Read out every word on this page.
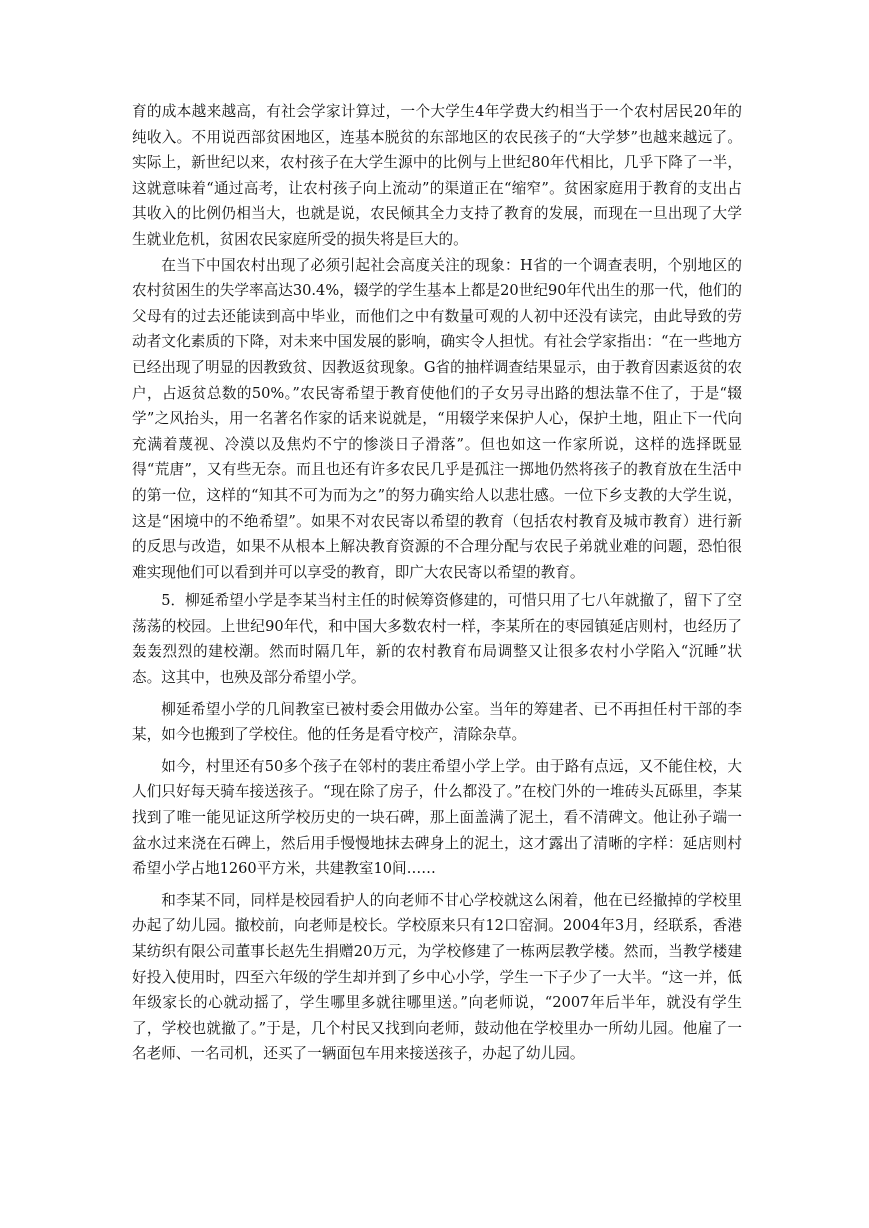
育的成本越来越高，有社会学家计算过，一个大学生4年学费大约相当于一个农村居民20年的纯收入。不用说西部贫困地区，连基本脱贫的东部地区的农民孩子的“大学梦”也越来越远了。实际上，新世纪以来，农村孩子在大学生源中的比例与上世纪80年代相比，几乎下降了一半，这就意味着“通过高考，让农村孩子向上流动”的渠道正在“缩窄”。贫困家庭用于教育的支出占其收入的比例仍相当大，也就是说，农民倾其全力支持了教育的发展，而现在一旦出现了大学生就业危机，贫困农民家庭所受的损失将是巨大的。

在当下中国农村出现了必须引起社会高度关注的现象：H省的一个调查表明，个别地区的农村贫困生的失学率高达30.4%，辍学的学生基本上都是20世纪90年代出生的那一代，他们的父母有的过去还能读到高中毕业，而他们之中有数量可观的人初中还没有读完，由此导致的劳动者文化素质的下降，对未来中国发展的影响，确实令人担忧。有社会学家指出：“在一些地方已经出现了明显的因教致贫、因教返贫现象。G省的抽样调查结果显示，由于教育因素返贫的农户，占返贫总数的50%。”农民寄希望于教育使他们的子女另寻出路的想法靠不住了，于是“辍学”之风抬头，用一名著名作家的话来说就是，“用辍学来保护人心，保护土地，阻止下一代向充满着蔑视、冷漠以及焦灼不宁的惨淡日子滑落”。但也如这一作家所说，这样的选择既显得“荒唐”，又有些无奈。而且也还有许多农民几乎是孤注一掷地仍然将孩子的教育放在生活中的第一位，这样的“知其不可为而为之”的努力确实给人以悲壮感。一位下乡支教的大学生说，这是“困境中的不绝希望”。如果不对农民寄以希望的教育（包括农村教育及城市教育）进行新的反思与改造，如果不从根本上解决教育资源的不合理分配与农民子弟就业难的问题，恐怕很难实现他们可以看到并可以享受的教育，即广大农民寄以希望的教育。

5．柳延希望小学是李某当村主任的时候筹资修建的，可惜只用了七八年就撤了，留下了空荡荡的校园。上世纪90年代，和中国大多数农村一样，李某所在的枣园镇延店则村，也经历了轰轰烈烈的建校潮。然而时隔几年，新的农村教育布局调整又让很多农村小学陷入“沉睡”状态。这其中，也殃及部分希望小学。

柳延希望小学的几间教室已被村委会用做办公室。当年的筹建者、已不再担任村干部的李某，如今也搬到了学校住。他的任务是看守校产，清除杂草。

如今，村里还有50多个孩子在邻村的裴庄希望小学上学。由于路有点远，又不能住校，大人们只好每天骑车接送孩子。“现在除了房子，什么都没了。”在校门外的一堆砖头瓦砾里，李某找到了唯一能见证这所学校历史的一块石碑，那上面盖满了泥土，看不清碑文。他让孙子端一盆水过来浇在石碑上，然后用手慢慢地抹去碑身上的泥土，这才露出了清晰的字样：延店则村希望小学占地1260平方米，共建教室10间……

和李某不同，同样是校园看护人的向老师不甘心学校就这么闲着，他在已经撤掉的学校里办起了幼儿园。撤校前，向老师是校长。学校原来只有12口窑洞。2004年3月，经联系，香港某纺织有限公司董事长赵先生捐赠20万元，为学校修建了一栋两层教学楼。然而，当教学楼建好投入使用时，四至六年级的学生却并到了乡中心小学，学生一下子少了一大半。“这一并，低年级家长的心就动摇了，学生哪里多就往哪里送。”向老师说，“2007年后半年，就没有学生了，学校也就撤了。”于是，几个村民又找到向老师，鼓动他在学校里办一所幼儿园。他雇了一名老师、一名司机，还买了一辆面包车用来接送孩子，办起了幼儿园。
